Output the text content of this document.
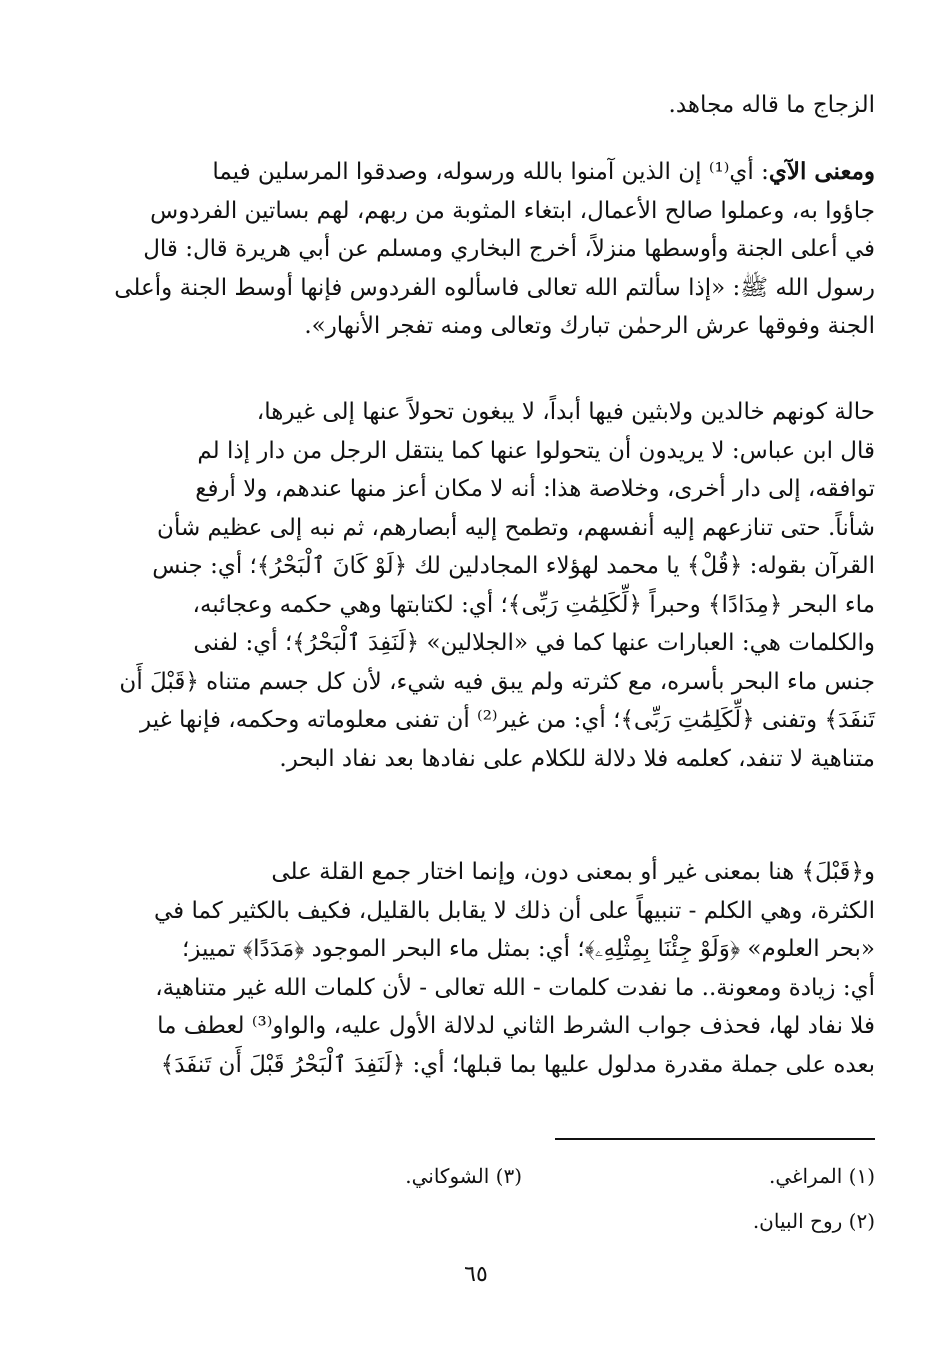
الزجاج ما قاله مجاهد.

ومعنى الآي: أي⁽¹⁾ إن الذين آمنوا بالله ورسوله، وصدقوا المرسلين فيما
جاؤوا به، وعملوا صالح الأعمال، ابتغاء المثوبة من ربهم، لهم بساتين الفردوس
في أعلى الجنة وأوسطها منزلاً، أخرج البخاري ومسلم عن أبي هريرة قال: قال
رسول الله ﷺ: «إذا سألتم الله تعالى فاسألوه الفردوس فإنها أوسط الجنة وأعلى
الجنة وفوقها عرش الرحمٰن تبارك وتعالى ومنه تفجر الأنهار».

حالة كونهم خالدين ولابثين فيها أبداً، لا يبغون تحولاً عنها إلى غيرها،
قال ابن عباس: لا يريدون أن يتحولوا عنها كما ينتقل الرجل من دار إذا لم
توافقه، إلى دار أخرى، وخلاصة هذا: أنه لا مكان أعز منها عندهم، ولا أرفع
شأناً. حتى تنازعهم إليه أنفسهم، وتطمح إليه أبصارهم، ثم نبه إلى عظيم شأن
القرآن بقوله: ﴿قُلْ﴾ يا محمد لهؤلاء المجادلين لك ﴿لَوْ كَانَ ٱلْبَحْرُ﴾؛ أي: جنس
ماء البحر ﴿مِدَادًا﴾ وحبراً ﴿لِّكَلِمَٰتِ رَبِّى﴾؛ أي: لكتابتها وهي حكمه وعجائبه،
والكلمات هي: العبارات عنها كما في «الجلالين» ﴿لَنَفِدَ ٱلْبَحْرُ﴾؛ أي: لفنى
جنس ماء البحر بأسره، مع كثرته ولم يبق فيه شيء، لأن كل جسم متناه ﴿قَبْلَ أَن
تَنفَدَ﴾ وتفنى ﴿لِّكَلِمَٰتِ رَبِّى﴾؛ أي: من غير⁽²⁾ أن تفنى معلوماته وحكمه، فإنها غير
متناهية لا تنفد، كعلمه فلا دلالة للكلام على نفادها بعد نفاد البحر.

و﴿قَبْلَ﴾ هنا بمعنى غير أو بمعنى دون، وإنما اختار جمع القلة على
الكثرة، وهي الكلم - تنبيهاً على أن ذلك لا يقابل بالقليل، فكيف بالكثير كما في
«بحر العلوم» ﴿وَلَوْ جِئْنَا بِمِثْلِهِۦ﴾؛ أي: بمثل ماء البحر الموجود ﴿مَدَدًا﴾ تمييز؛
أي: زيادة ومعونة.. ما نفدت كلمات - الله تعالى - لأن كلمات الله غير متناهية،
فلا نفاد لها، فحذف جواب الشرط الثاني لدلالة الأول عليه، والواو⁽³⁾ لعطف ما
بعده على جملة مقدرة مدلول عليها بما قبلها؛ أي: ﴿لَنَفِدَ ٱلْبَحْرُ قَبْلَ أَن تَنفَدَ﴾

(١) المراغي.
(٣) الشوكاني.
(٢) روح البيان.
٦٥
